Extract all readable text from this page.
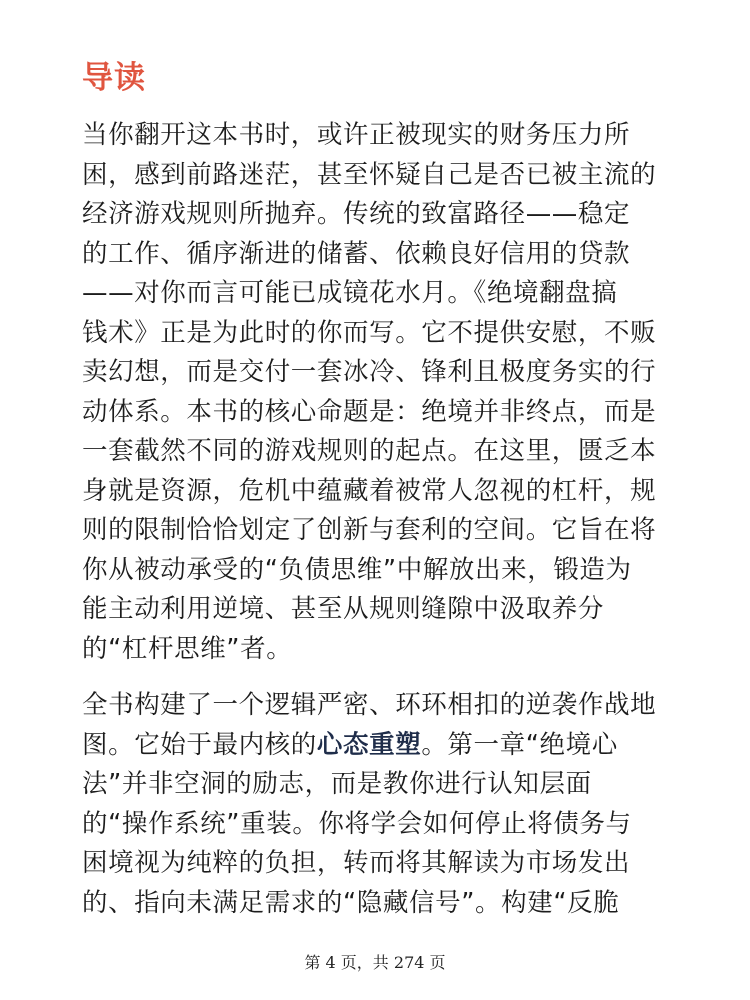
导读
当你翻开这本书时，或许正被现实的财务压力所
困，感到前路迷茫，甚至怀疑自己是否已被主流的
经济游戏规则所抛弃。传统的致富路径——稳定
的工作、循序渐进的储蓄、依赖良好信用的贷款
——对你而言可能已成镜花水月。《绝境翻盘搞
钱术》正是为此时的你而写。它不提供安慰，不贩
卖幻想，而是交付一套冰冷、锋利且极度务实的行
动体系。本书的核心命题是：绝境并非终点，而是
一套截然不同的游戏规则的起点。在这里，匮乏本
身就是资源，危机中蕴藏着被常人忽视的杠杆，规
则的限制恰恰划定了创新与套利的空间。它旨在将
你从被动承受的“负债思维”中解放出来，锻造为
能主动利用逆境、甚至从规则缝隙中汲取养分
的“杠杆思维”者。
全书构建了一个逻辑严密、环环相扣的逆袭作战地
图。它始于最内核的心态重塑。第一章“绝境心
法”并非空洞的励志，而是教你进行认知层面
的“操作系统”重装。你将学会如何停止将债务与
困境视为纯粹的负担，转而将其解读为市场发出
的、指向未满足需求的“隐藏信号”。构建“反脆
第 4 页，共 274 页
